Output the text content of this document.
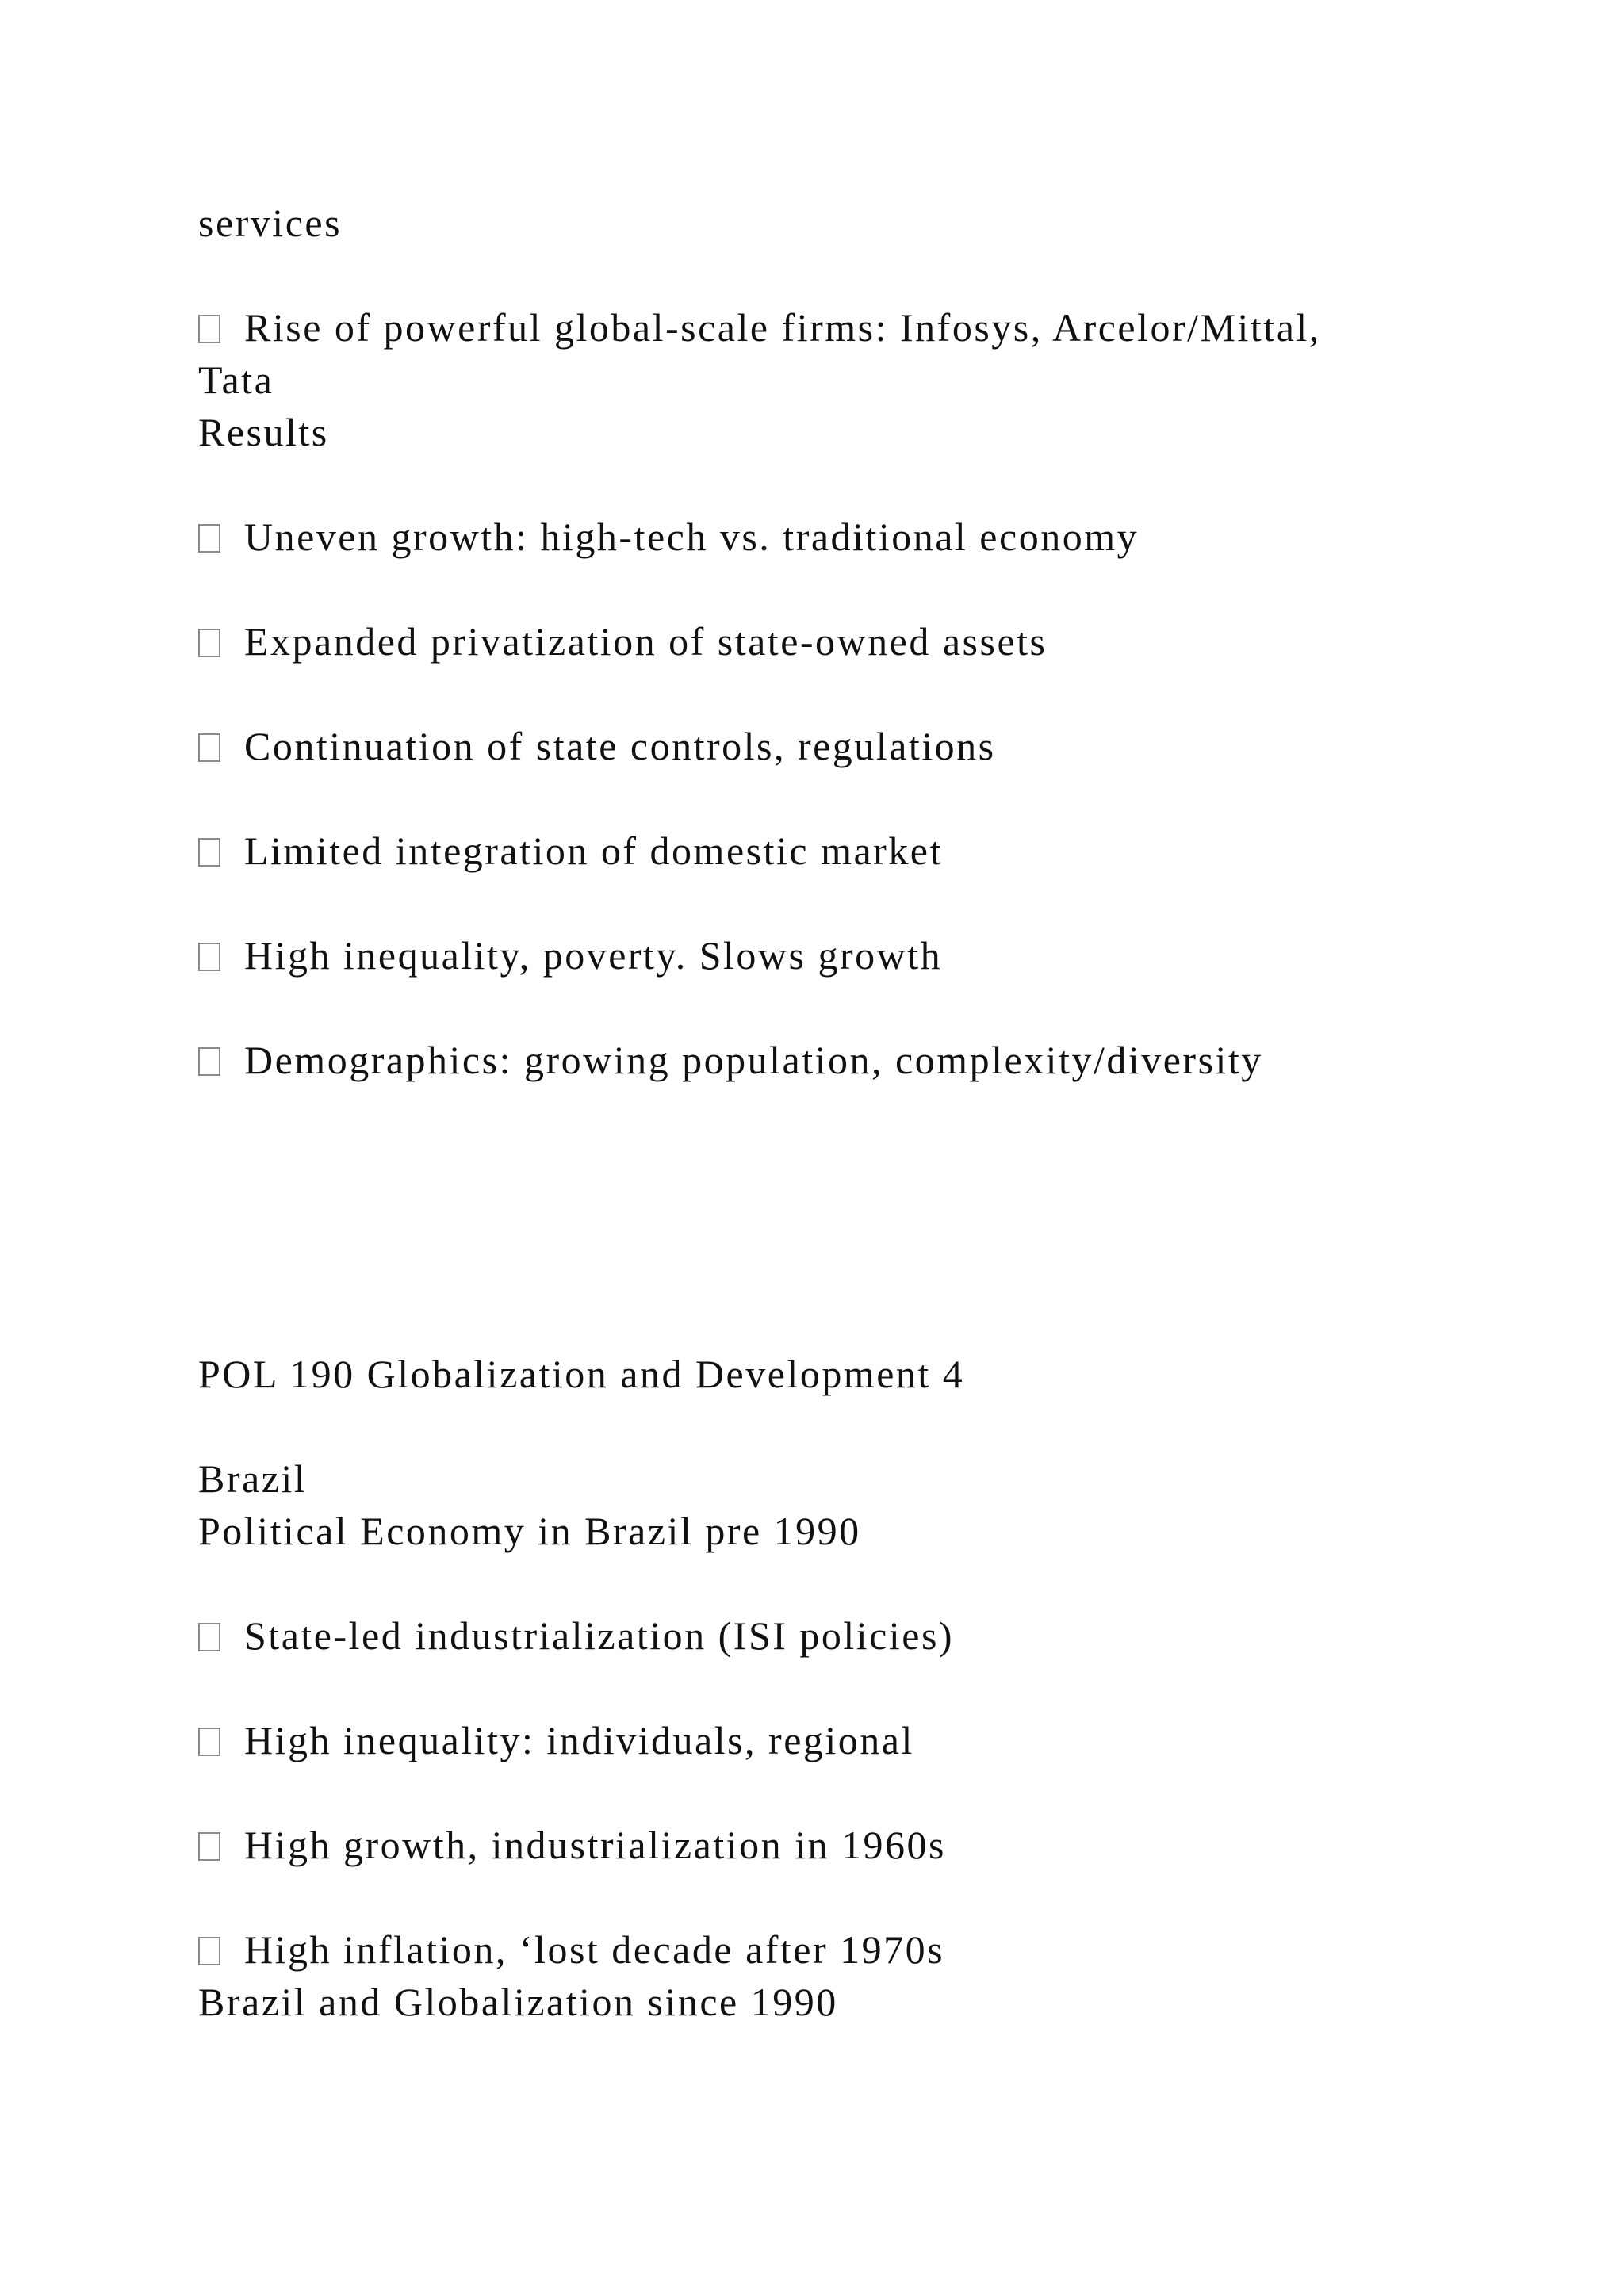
services
Rise of powerful global-scale firms: Infosys, Arcelor/Mittal,
Tata
Results
Uneven growth: high-tech vs. traditional economy
Expanded privatization of state-owned assets
Continuation of state controls, regulations
Limited integration of domestic market
High inequality, poverty. Slows growth
Demographics: growing population, complexity/diversity
POL 190 Globalization and Development 4
Brazil
Political Economy in Brazil pre 1990
State-led industrialization (ISI policies)
High inequality: individuals, regional
High growth, industrialization in 1960s
High inflation, ‘lost decade after 1970s
Brazil and Globalization since 1990
